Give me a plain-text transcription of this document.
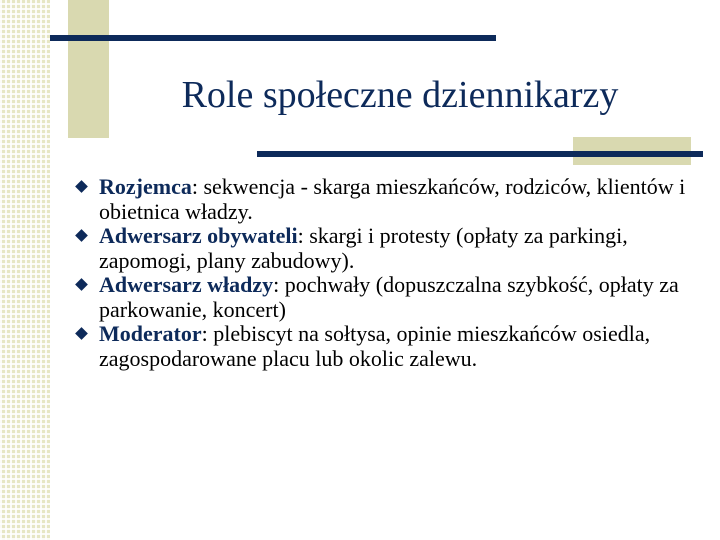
Role społeczne dziennikarzy
Rozjemca: sekwencja - skarga mieszkańców, rodziców, klientów i obietnica władzy.
Adwersarz obywateli: skargi i protesty (opłaty za parkingi, zapomogi, plany zabudowy).
Adwersarz władzy: pochwały (dopuszczalna szybkość, opłaty za parkowanie, koncert)
Moderator: plebiscyt na sołtysa, opinie mieszkańców osiedla, zagospodarowane placu lub okolic zalewu.
